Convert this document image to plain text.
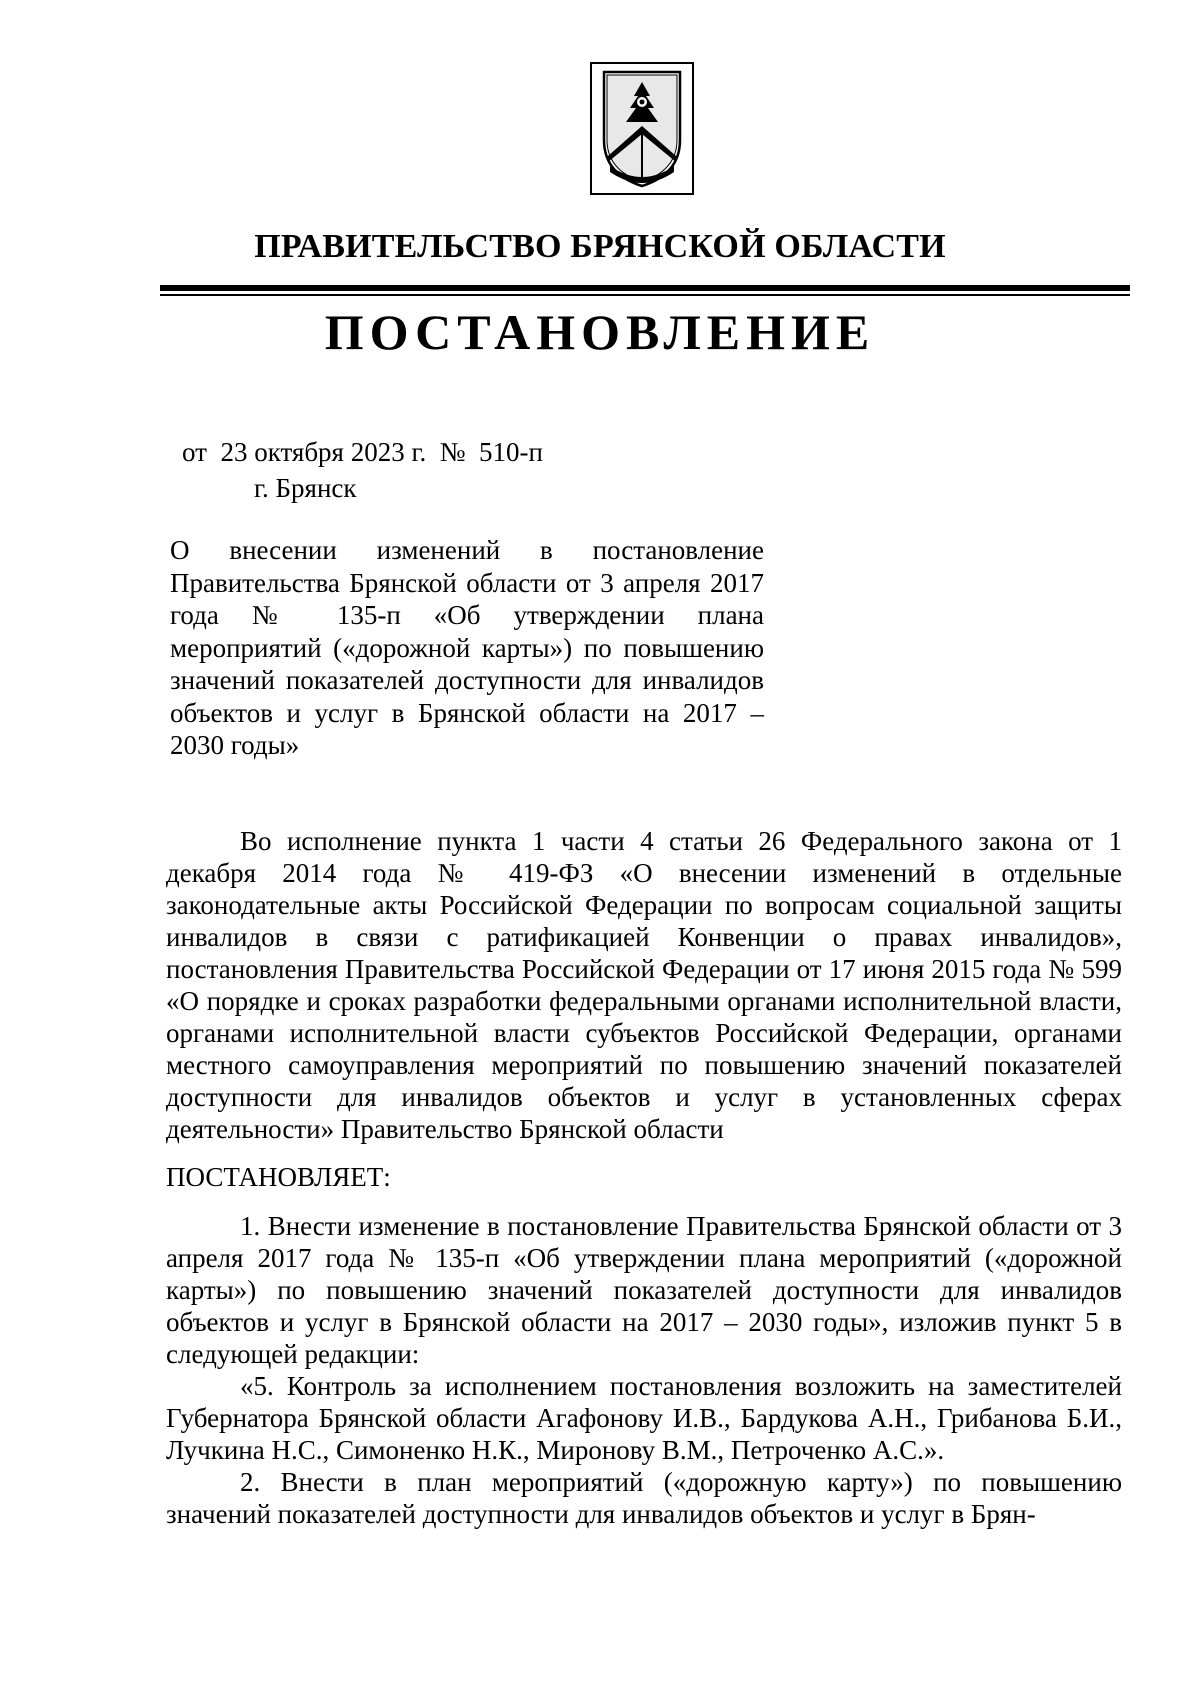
ПРАВИТЕЛЬСТВО БРЯНСКОЙ ОБЛАСТИ
ПОСТАНОВЛЕНИЕ
от  23 октября 2023 г.  №  510-п
г. Брянск
О внесении изменений в постановление Правительства Брянской области от 3 апреля 2017 года № 135-п «Об утверждении плана мероприятий («дорожной карты») по повышению значений показателей доступности для инвалидов объектов и услуг в Брянской области на 2017 – 2030 годы»

Во исполнение пункта 1 части 4 статьи 26 Федерального закона от 1 декабря 2014 года № 419-ФЗ «О внесении изменений в отдельные законодательные акты Российской Федерации по вопросам социальной защиты инвалидов в связи с ратификацией Конвенции о правах инвалидов», постановления Правительства Российской Федерации от 17 июня 2015 года № 599 «О порядке и сроках разработки федеральными органами исполнительной власти, органами исполнительной власти субъектов Российской Федерации, органами местного самоуправления мероприятий по повышению значений показателей доступности для инвалидов объектов и услуг в установленных сферах деятельности» Правительство Брянской области

ПОСТАНОВЛЯЕТ:

1. Внести изменение в постановление Правительства Брянской области от 3 апреля 2017 года № 135-п «Об утверждении плана мероприятий («дорожной карты») по повышению значений показателей доступности для инвалидов объектов и услуг в Брянской области на 2017 – 2030 годы», изложив пункт 5 в следующей редакции:

«5. Контроль за исполнением постановления возложить на заместителей Губернатора Брянской области Агафонову И.В., Бардукова А.Н., Грибанова Б.И., Лучкина Н.С., Симоненко Н.К., Миронову В.М., Петроченко А.С.».

2. Внести в план мероприятий («дорожную карту») по повышению значений показателей доступности для инвалидов объектов и услуг в Брян-
